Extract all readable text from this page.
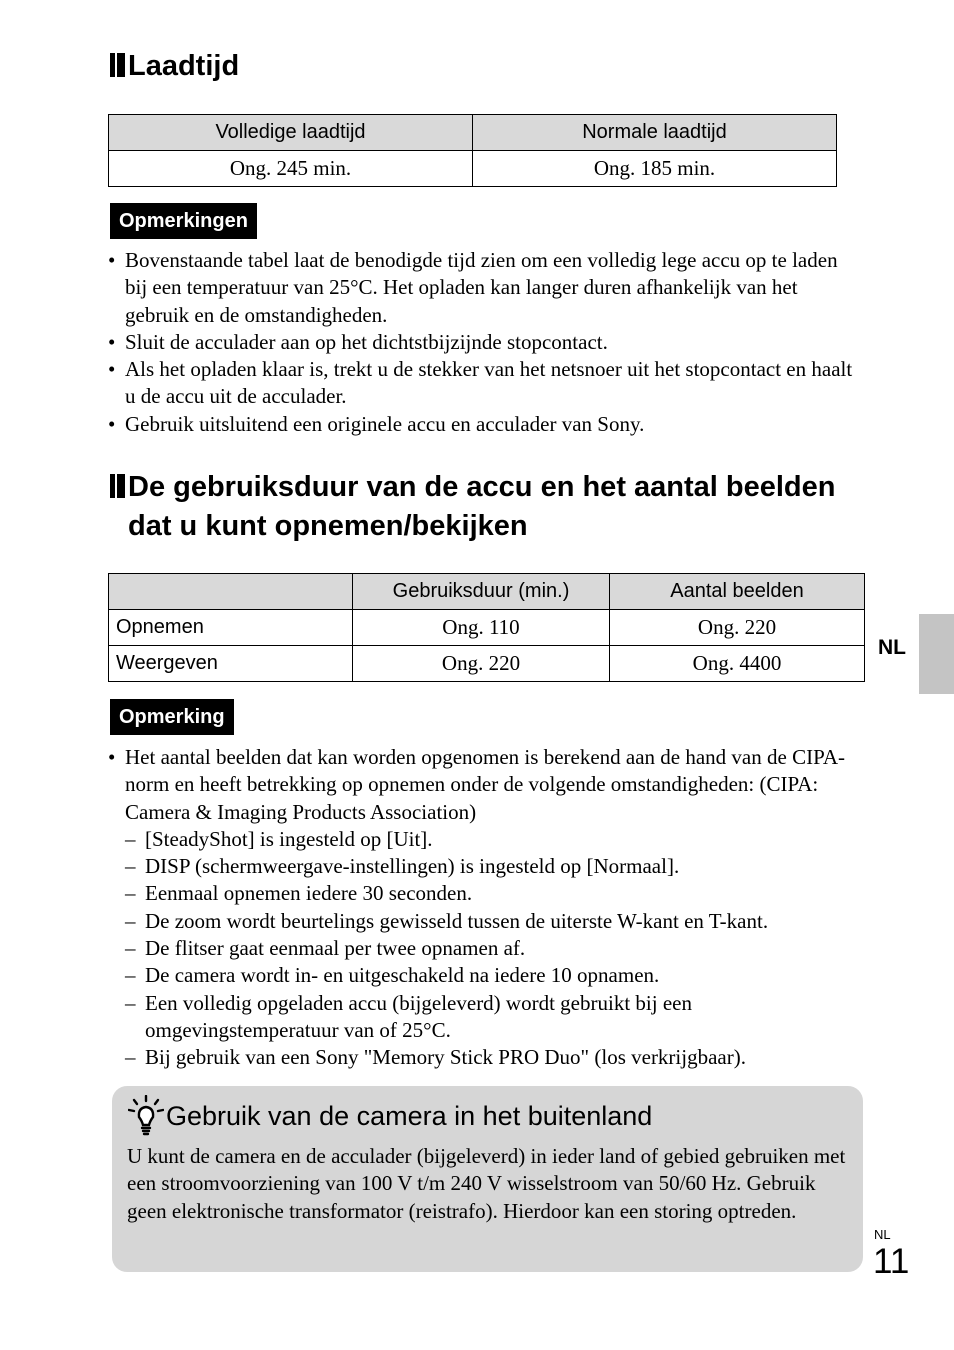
Laadtijd
Volledige laadtijd	Normale laadtijd
Ong. 245 min.	Ong. 185 min.
Opmerkingen
• Bovenstaande tabel laat de benodigde tijd zien om een volledig lege accu op te laden bij een temperatuur van 25°C. Het opladen kan langer duren afhankelijk van het gebruik en de omstandigheden.
• Sluit de acculader aan op het dichtstbijzijnde stopcontact.
• Als het opladen klaar is, trekt u de stekker van het netsnoer uit het stopcontact en haalt u de accu uit de acculader.
• Gebruik uitsluitend een originele accu en acculader van Sony.
De gebruiksduur van de accu en het aantal beelden
dat u kunt opnemen/bekijken
	Gebruiksduur (min.)	Aantal beelden
Opnemen	Ong. 110	Ong. 220
Weergeven	Ong. 220	Ong. 4400
Opmerking
• Het aantal beelden dat kan worden opgenomen is berekend aan de hand van de CIPA-norm en heeft betrekking op opnemen onder de volgende omstandigheden: (CIPA: Camera & Imaging Products Association)
– [SteadyShot] is ingesteld op [Uit].
– DISP (schermweergave-instellingen) is ingesteld op [Normaal].
– Eenmaal opnemen iedere 30 seconden.
– De zoom wordt beurtelings gewisseld tussen de uiterste W-kant en T-kant.
– De flitser gaat eenmaal per twee opnamen af.
– De camera wordt in- en uitgeschakeld na iedere 10 opnamen.
– Een volledig opgeladen accu (bijgeleverd) wordt gebruikt bij een omgevingstemperatuur van of 25°C.
– Bij gebruik van een Sony "Memory Stick PRO Duo" (los verkrijgbaar).
NL
Gebruik van de camera in het buitenland
U kunt de camera en de acculader (bijgeleverd) in ieder land of gebied gebruiken met een stroomvoorziening van 100 V t/m 240 V wisselstroom van 50/60 Hz. Gebruik geen elektronische transformator (reistrafo). Hierdoor kan een storing optreden.
NL
11
